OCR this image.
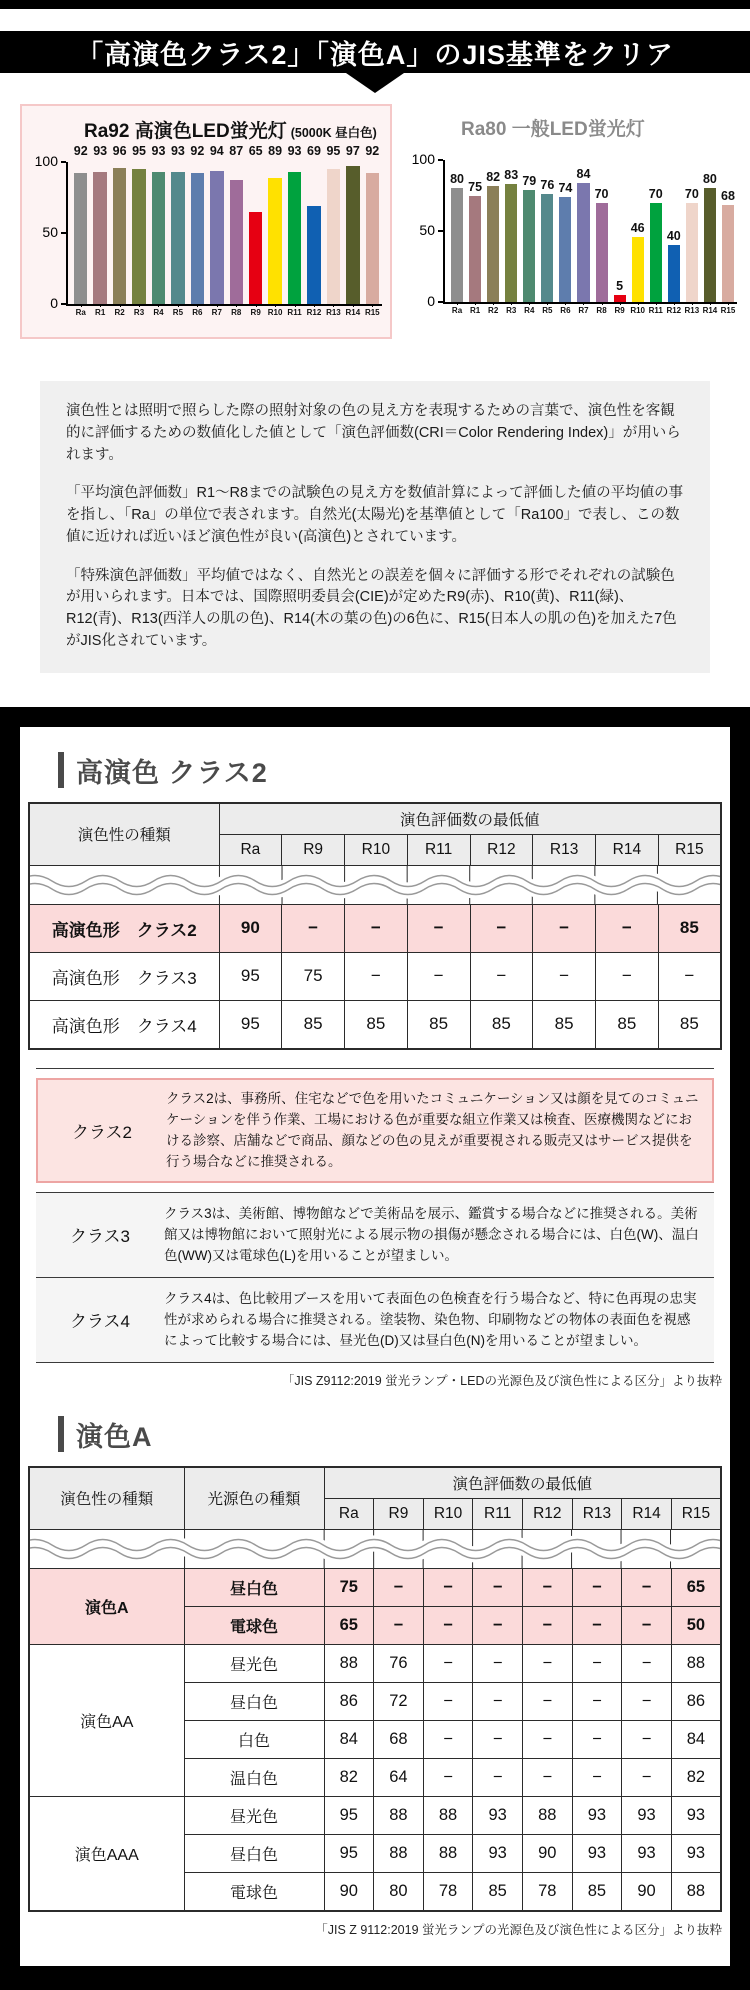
「高演色クラス2」「演色A」のJIS基準をクリア
Ra92 高演色LED蛍光灯 (5000K 昼白色)
100
50
0
92
Ra
93
R1
96
R2
95
R3
93
R4
93
R5
92
R6
94
R7
87
R8
65
R9
89
R10
93
R11
69
R12
95
R13
97
R14
92
R15
Ra80 一般LED蛍光灯
100
50
0
80
Ra
75
R1
82
R2
83
R3
79
R4
76
R5
74
R6
84
R7
70
R8
5
R9
46
R10
70
R11
40
R12
70
R13
80
R14
68
R15

演色性とは照明で照らした際の照射対象の色の見え方を表現するための言葉で、演色性を客観的に評価するための数値化した値として「演色評価数(CRI＝Color Rendering Index)」が用いられます。

「平均演色評価数」R1～R8までの試験色の見え方を数値計算によって評価した値の平均値の事を指し、「Ra」の単位で表されます。自然光(太陽光)を基準値として「Ra100」で表し、この数値に近ければ近いほど演色性が良い(高演色)とされています。

「特殊演色評価数」平均値ではなく、自然光との誤差を個々に評価する形でそれぞれの試験色が用いられます。日本では、国際照明委員会(CIE)が定めたR9(赤)、R10(黄)、R11(緑)、R12(青)、R13(西洋人の肌の色)、R14(木の葉の色)の6色に、R15(日本人の肌の色)を加えた7色がJIS化されています。

高演色 クラス2
演色性の種類	演色評価数の最低値							
	Ra	R9	R10	R11	R12	R13	R14	R15

高演色形　クラス2	90	−	−	−	−	−	−	85
高演色形　クラス3	95	75	−	−	−	−	−	−
高演色形　クラス4	95	85	85	85	85	85	85	85
クラス2
クラス2は、事務所、住宅などで色を用いたコミュニケーション又は顔を見てのコミュニケーションを伴う作業、工場における色が重要な組立作業又は検査、医療機関などにおける診察、店舗などで商品、顔などの色の見えが重要視される販売又はサービス提供を行う場合などに推奨される。
クラス3
クラス3は、美術館、博物館などで美術品を展示、鑑賞する場合などに推奨される。美術館又は博物館において照射光による展示物の損傷が懸念される場合には、白色(W)、温白色(WW)又は電球色(L)を用いることが望ましい。
クラス4
クラス4は、色比較用ブースを用いて表面色の色検査を行う場合など、特に色再現の忠実性が求められる場合に推奨される。塗装物、染色物、印刷物などの物体の表面色を視感によって比較する場合には、昼光色(D)又は昼白色(N)を用いることが望ましい。
「JIS Z9112:2019 蛍光ランプ・LEDの光源色及び演色性による区分」より抜粋
演色A
演色性の種類	光源色の種類	演色評価数の最低値							
		Ra	R9	R10	R11	R12	R13	R14	R15

演色A	昼白色	75	−	−	−	−	−	−	65
	電球色	65	−	−	−	−	−	−	50
演色AA	昼光色	88	76	−	−	−	−	−	88
	昼白色	86	72	−	−	−	−	−	86
	白色	84	68	−	−	−	−	−	84
	温白色	82	64	−	−	−	−	−	82
演色AAA	昼光色	95	88	88	93	88	93	93	93
	昼白色	95	88	88	93	90	93	93	93
	電球色	90	80	78	85	78	85	90	88
「JIS Z 9112:2019 蛍光ランプの光源色及び演色性による区分」より抜粋
